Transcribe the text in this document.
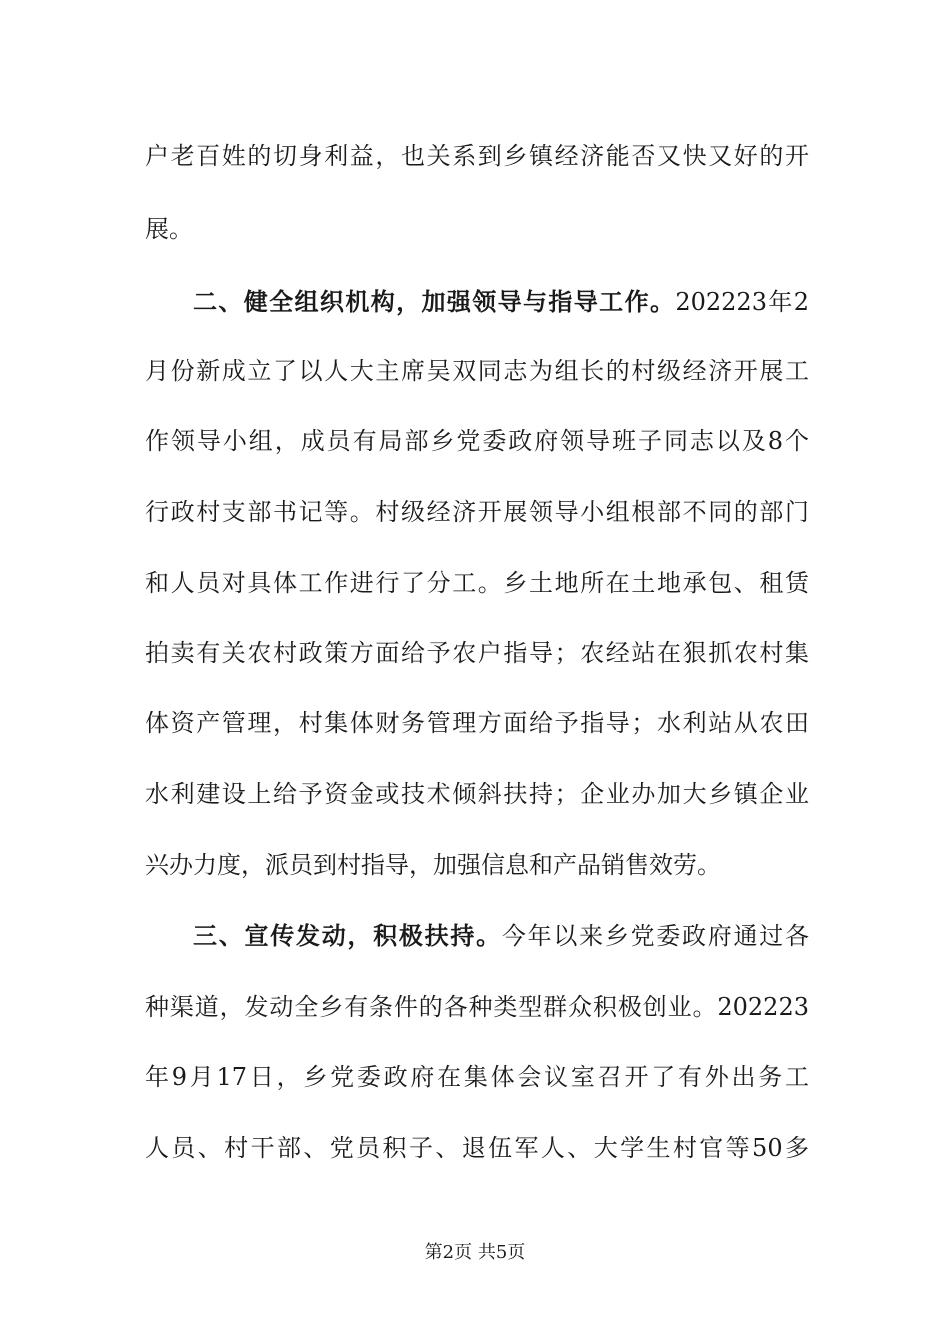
户老百姓的切身利益，也关系到乡镇经济能否又快又好的开
展。
二、健全组织机构，加强领导与指导工作。202223年2
月份新成立了以人大主席吴双同志为组长的村级经济开展工
作领导小组，成员有局部乡党委政府领导班子同志以及8个
行政村支部书记等。村级经济开展领导小组根部不同的部门
和人员对具体工作进行了分工。乡土地所在土地承包、租赁
拍卖有关农村政策方面给予农户指导；农经站在狠抓农村集
体资产管理，村集体财务管理方面给予指导；水利站从农田
水利建设上给予资金或技术倾斜扶持；企业办加大乡镇企业
兴办力度，派员到村指导，加强信息和产品销售效劳。
三、宣传发动，积极扶持。今年以来乡党委政府通过各
种渠道，发动全乡有条件的各种类型群众积极创业。202223
年9月17日，乡党委政府在集体会议室召开了有外出务工
人员、村干部、党员积子、退伍军人、大学生村官等50多
第2页 共5页
